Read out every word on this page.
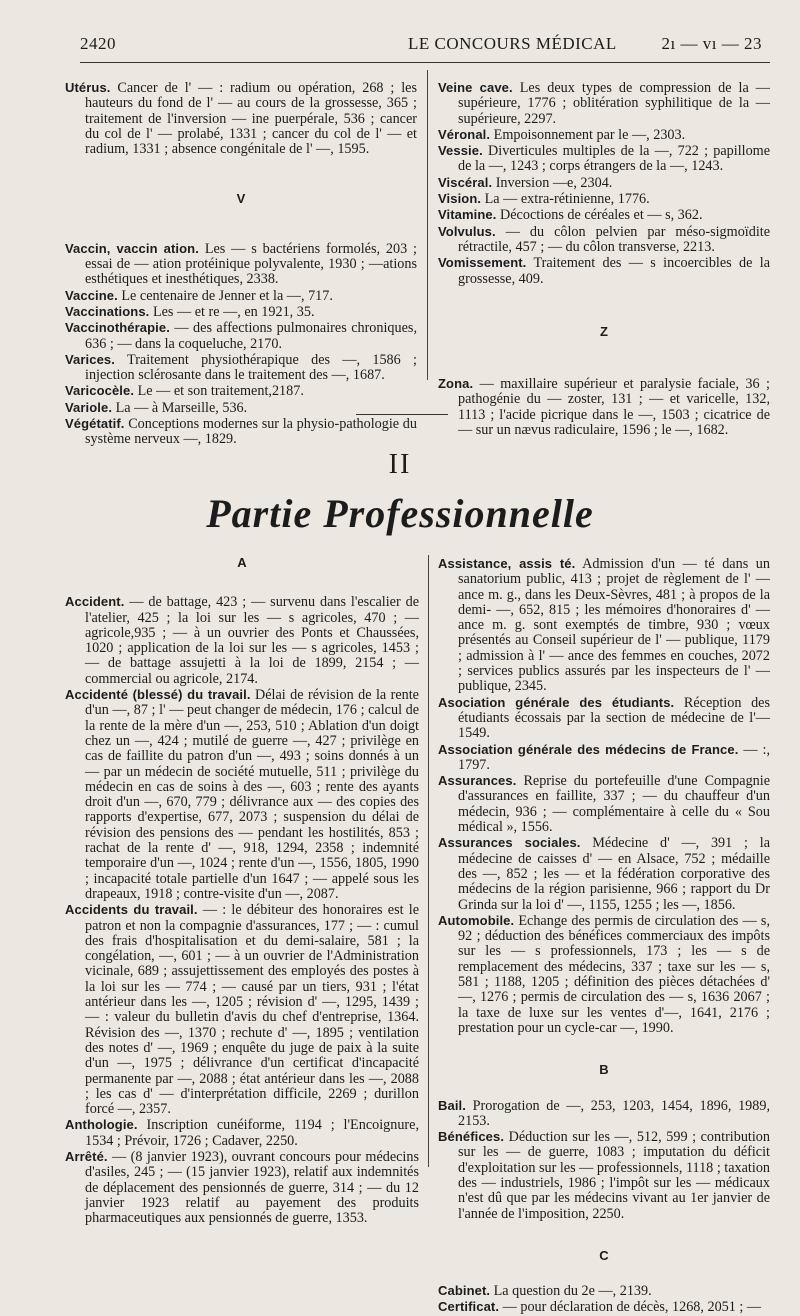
2420	LE CONCOURS MÉDICAL	2ı — vı — 23

Utérus. Cancer de l' — : radium ou opération, 268 ; les hauteurs du fond de l' — au cours de la grossesse, 365 ; traitement de l'inversion — ine puerpérale, 536 ; cancer du col de l' — prolabé, 1331 ; cancer du col de l' — et radium, 1331 ; absence congénitale de l' —, 1595.

V

Vaccin, vaccin ation. Les — s bactériens formolés, 203 ; essai de — ation protéinique polyvalente, 1930 ; —ations esthétiques et inesthétiques, 2338.

Vaccine. Le centenaire de Jenner et la —, 717.

Vaccinations. Les — et re —, en 1921, 35.

Vaccinothérapie. — des affections pulmonaires chroniques, 636 ; — dans la coqueluche, 2170.

Varices. Traitement physiothérapique des —, 1586 ; injection sclérosante dans le traitement des —, 1687.

Varicocèle. Le — et son traitement,2187.

Variole. La — à Marseille, 536.

Végétatif. Conceptions modernes sur la physio-pathologie du système nerveux —, 1829.

Veine cave. Les deux types de compression de la — supérieure, 1776 ; oblitération syphilitique de la — supérieure, 2297.

Véronal. Empoisonnement par le —, 2303.

Vessie. Diverticules multiples de la —, 722 ; papillome de la —, 1243 ; corps étrangers de la —, 1243.

Viscéral. Inversion —e, 2304.

Vision. La — extra-rétinienne, 1776.

Vitamine. Décoctions de céréales et — s, 362.

Volvulus. — du côlon pelvien par méso-sigmoïdite rétractile, 457 ; — du côlon transverse, 2213.

Vomissement. Traitement des — s incoercibles de la grossesse, 409.

Z

Zona. — maxillaire supérieur et paralysie faciale, 36 ; pathogénie du — zoster, 131 ; — et varicelle, 132, 1113 ; l'acide picrique dans le —, 1503 ; cicatrice de — sur un nævus radiculaire, 1596 ; le —, 1682.

II
Partie Professionnelle
A

Accident. — de battage, 423 ; — survenu dans l'escalier de l'atelier, 425 ; la loi sur les — s agricoles, 470 ; — agricole,935 ; — à un ouvrier des Ponts et Chaussées, 1020 ; application de la loi sur les — s agricoles, 1453 ; — de battage assujetti à la loi de 1899, 2154 ; — commercial ou agricole, 2174.

Accidenté (blessé) du travail. Délai de révision de la rente d'un —, 87 ; l' — peut changer de médecin, 176 ; calcul de la rente de la mère d'un —, 253, 510 ; Ablation d'un doigt chez un —, 424 ; mutilé de guerre —, 427 ; privilège en cas de faillite du patron d'un —, 493 ; soins donnés à un — par un médecin de société mutuelle, 511 ; privilège du médecin en cas de soins à des —, 603 ; rente des ayants droit d'un —, 670, 779 ; délivrance aux — des copies des rapports d'expertise, 677, 2073 ; suspension du délai de révision des pensions des — pendant les hostilités, 853 ; rachat de la rente d' —, 918, 1294, 2358 ; indemnité temporaire d'un —, 1024 ; rente d'un —, 1556, 1805, 1990 ; incapacité totale partielle d'un 1647 ; — appelé sous les drapeaux, 1918 ; contre-visite d'un —, 2087.

Accidents du travail. — : le débiteur des honoraires est le patron et non la compagnie d'assurances, 177 ; — : cumul des frais d'hospitalisation et du demi-salaire, 581 ; la congélation, —, 601 ; — à un ouvrier de l'Administration vicinale, 689 ; assujettissement des employés des postes à la loi sur les — 774 ; — causé par un tiers, 931 ; l'état antérieur dans les —, 1205 ; révision d' —, 1295, 1439 ; — : valeur du bulletin d'avis du chef d'entreprise, 1364. Révision des —, 1370 ; rechute d' —, 1895 ; ventilation des notes d' —, 1969 ; enquête du juge de paix à la suite d'un —, 1975 ; délivrance d'un certificat d'incapacité permanente par —, 2088 ; état antérieur dans les —, 2088 ; les cas d' — d'interprétation difficile, 2269 ; durillon forcé —, 2357.

Anthologie. Inscription cunéiforme, 1194 ; l'Encoignure, 1534 ; Prévoir, 1726 ; Cadaver, 2250.

Arrêté. — (8 janvier 1923), ouvrant concours pour médecins d'asiles, 245 ; — (15 janvier 1923), relatif aux indemnités de déplacement des pensionnés de guerre, 314 ; — du 12 janvier 1923 relatif au payement des produits pharmaceutiques aux pensionnés de guerre, 1353.

Assistance, assis té. Admission d'un — té dans un sanatorium public, 413 ; projet de règlement de l' — ance m. g., dans les Deux-Sèvres, 481 ; à propos de la demi- —, 652, 815 ; les mémoires d'honoraires d' — ance m. g. sont exemptés de timbre, 930 ; vœux présentés au Conseil supérieur de l' — publique, 1179 ; admission à l' — ance des femmes en couches, 2072 ; services publics assurés par les inspecteurs de l' — publique, 2345.

Asociation générale des étudiants. Réception des étudiants écossais par la section de médecine de l'—1549.

Association générale des médecins de France. — :, 1797.

Assurances. Reprise du portefeuille d'une Compagnie d'assurances en faillite, 337 ; — du chauffeur d'un médecin, 936 ; — complémentaire à celle du « Sou médical », 1556.

Assurances sociales. Médecine d' —, 391 ; la médecine de caisses d' — en Alsace, 752 ; médaille des —, 852 ; les — et la fédération corporative des médecins de la région parisienne, 966 ; rapport du Dr Grinda sur la loi d' —, 1155, 1255 ; les —, 1856.

Automobile. Echange des permis de circulation des — s, 92 ; déduction des bénéfices commerciaux des impôts sur les — s professionnels, 173 ; les — s de remplacement des médecins, 337 ; taxe sur les — s, 581 ; 1188, 1205 ; définition des pièces détachées d' —, 1276 ; permis de circulation des — s, 1636 2067 ; la taxe de luxe sur les ventes d'—, 1641, 2176 ; prestation pour un cycle-car —, 1990.

B

Bail. Prorogation de —, 253, 1203, 1454, 1896, 1989, 2153.

Bénéfices. Déduction sur les —, 512, 599 ; contribution sur les — de guerre, 1083 ; imputation du déficit d'exploitation sur les — professionnels, 1118 ; taxation des — industriels, 1986 ; l'impôt sur les — médicaux n'est dû que par les médecins vivant au 1er janvier de l'année de l'imposition, 2250.

C

Cabinet. La question du 2e —, 2139.

Certificat. — pour déclaration de décès, 1268, 2051 ; —
